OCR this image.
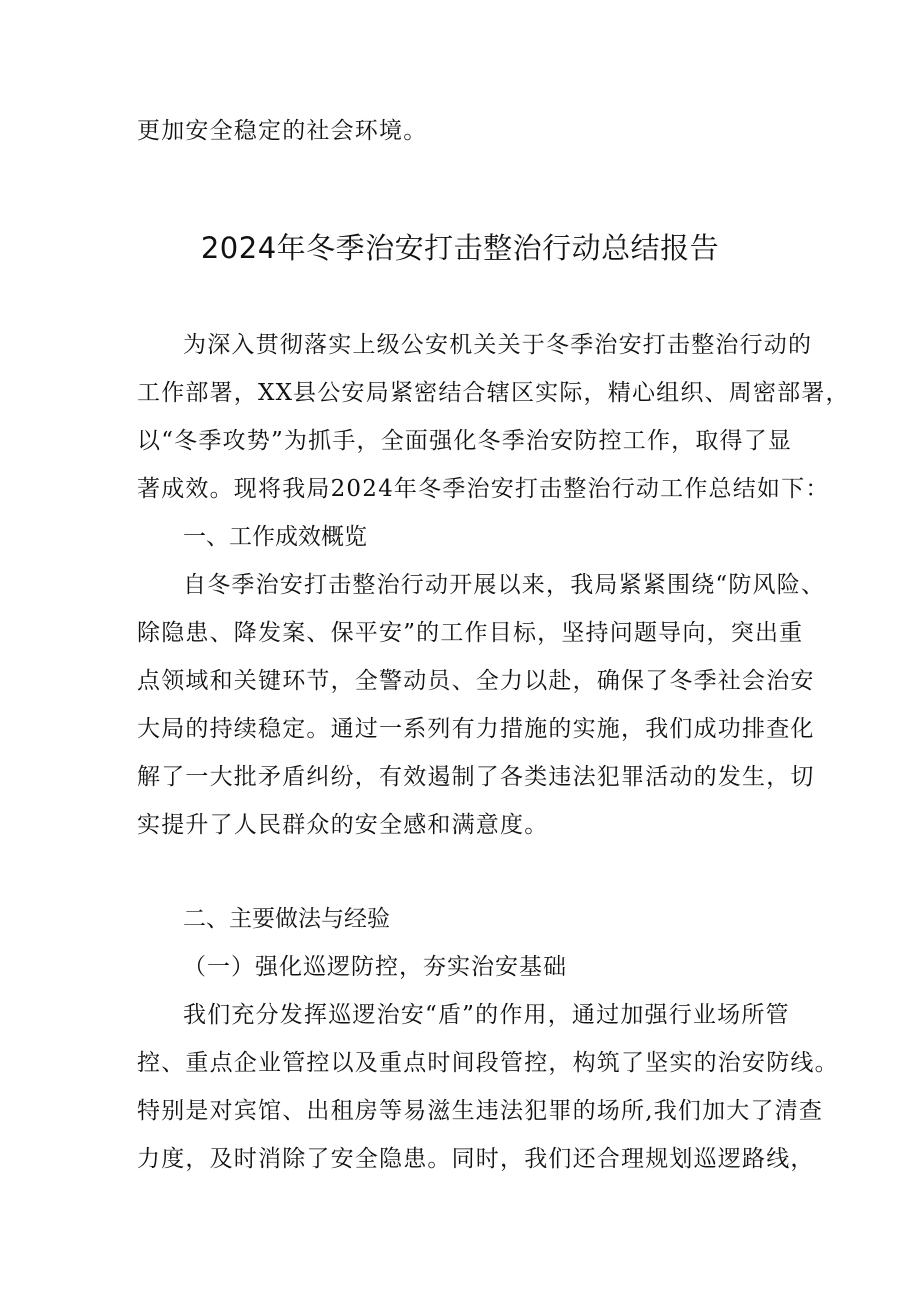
更加安全稳定的社会环境。

2024年冬季治安打击整治行动总结报告

为深入贯彻落实上级公安机关关于冬季治安打击整治行动的

工作部署，XX县公安局紧密结合辖区实际，精心组织、周密部署，

以“冬季攻势”为抓手，全面强化冬季治安防控工作，取得了显

著成效。现将我局2024年冬季治安打击整治行动工作总结如下：

一、工作成效概览

自冬季治安打击整治行动开展以来，我局紧紧围绕“防风险、

除隐患、降发案、保平安”的工作目标，坚持问题导向，突出重

点领域和关键环节，全警动员、全力以赴，确保了冬季社会治安

大局的持续稳定。通过一系列有力措施的实施，我们成功排查化

解了一大批矛盾纠纷，有效遏制了各类违法犯罪活动的发生，切

实提升了人民群众的安全感和满意度。

二、主要做法与经验
（一）强化巡逻防控，夯实治安基础

我们充分发挥巡逻治安“盾”的作用，通过加强行业场所管

控、重点企业管控以及重点时间段管控，构筑了坚实的治安防线。

特别是对宾馆、出租房等易滋生违法犯罪的场所,我们加大了清查

力度，及时消除了安全隐患。同时，我们还合理规划巡逻路线，
